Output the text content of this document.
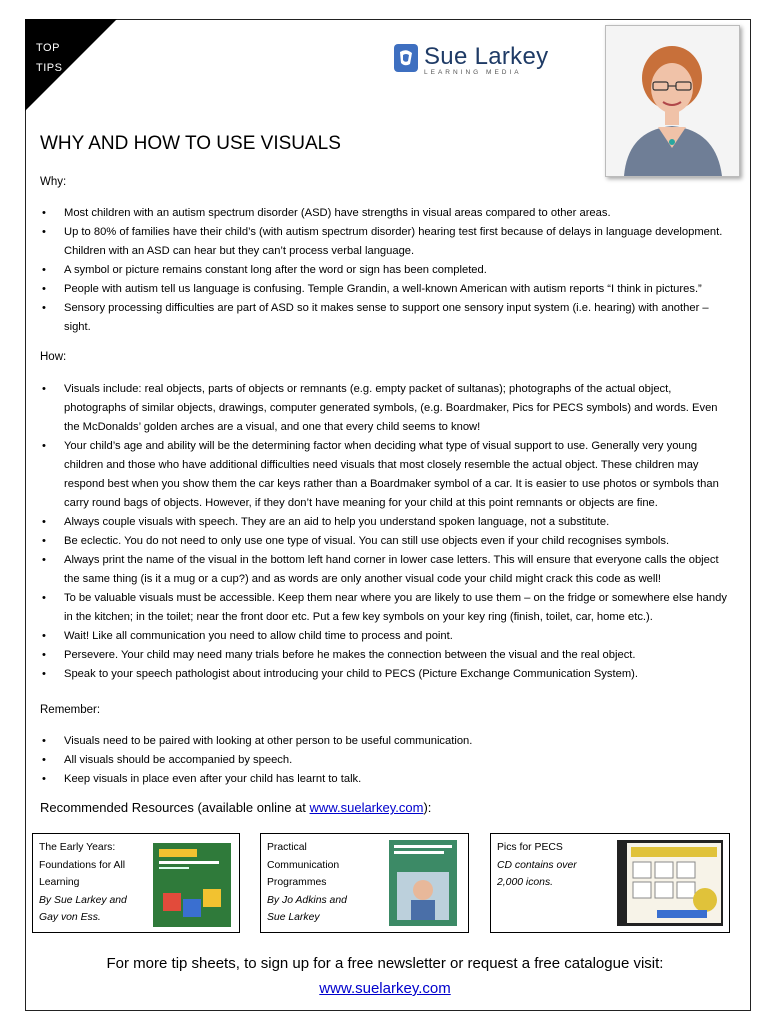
TOP
TIPS	Sue Larkey
LEARNING MEDIA
WHY AND HOW TO USE VISUALS
Why:
• Most children with an autism spectrum disorder (ASD) have strengths in visual areas compared to other areas.
• Up to 80% of families have their child’s (with autism spectrum disorder) hearing test first because of delays in language development. Children with an ASD can hear but they can’t process verbal language.
• A symbol or picture remains constant long after the word or sign has been completed.
• People with autism tell us language is confusing. Temple Grandin, a well-known American with autism reports “I think in pictures.”
• Sensory processing difficulties are part of ASD so it makes sense to support one sensory input system (i.e. hearing) with another – sight.
How:
• Visuals include: real objects, parts of objects or remnants (e.g. empty packet of sultanas); photographs of the actual object, photographs of similar objects, drawings, computer generated symbols, (e.g. Boardmaker, Pics for PECS symbols) and words. Even the McDonalds’ golden arches are a visual, and one that every child seems to know!
• Your child’s age and ability will be the determining factor when deciding what type of visual support to use. Generally very young children and those who have additional difficulties need visuals that most closely resemble the actual object. These children may respond best when you show them the car keys rather than a Boardmaker symbol of a car. It is easier to use photos or symbols than carry round bags of objects. However, if they don’t have meaning for your child at this point remnants or objects are fine.
• Always couple visuals with speech. They are an aid to help you understand spoken language, not a substitute.
• Be eclectic. You do not need to only use one type of visual. You can still use objects even if your child recognises symbols.
• Always print the name of the visual in the bottom left hand corner in lower case letters. This will ensure that everyone calls the object the same thing (is it a mug or a cup?) and as words are only another visual code your child might crack this code as well!
• To be valuable visuals must be accessible. Keep them near where you are likely to use them – on the fridge or somewhere else handy in the kitchen; in the toilet; near the front door etc. Put a few key symbols on your key ring (finish, toilet, car, home etc.).
• Wait! Like all communication you need to allow child time to process and point.
• Persevere. Your child may need many trials before he makes the connection between the visual and the real object.
• Speak to your speech pathologist about introducing your child to PECS (Picture Exchange Communication System).
Remember:
• Visuals need to be paired with looking at other person to be useful communication.
• All visuals should be accompanied by speech.
• Keep visuals in place even after your child has learnt to talk.
Recommended Resources (available online at www.suelarkey.com):
The Early Years:
Foundations for All
Learning
By Sue Larkey and
Gay von Ess.
Practical
Communication
Programmes
By Jo Adkins and
Sue Larkey
Pics for PECS
CD contains over
2,000 icons.
For more tip sheets, to sign up for a free newsletter or request a free catalogue visit:
www.suelarkey.com
